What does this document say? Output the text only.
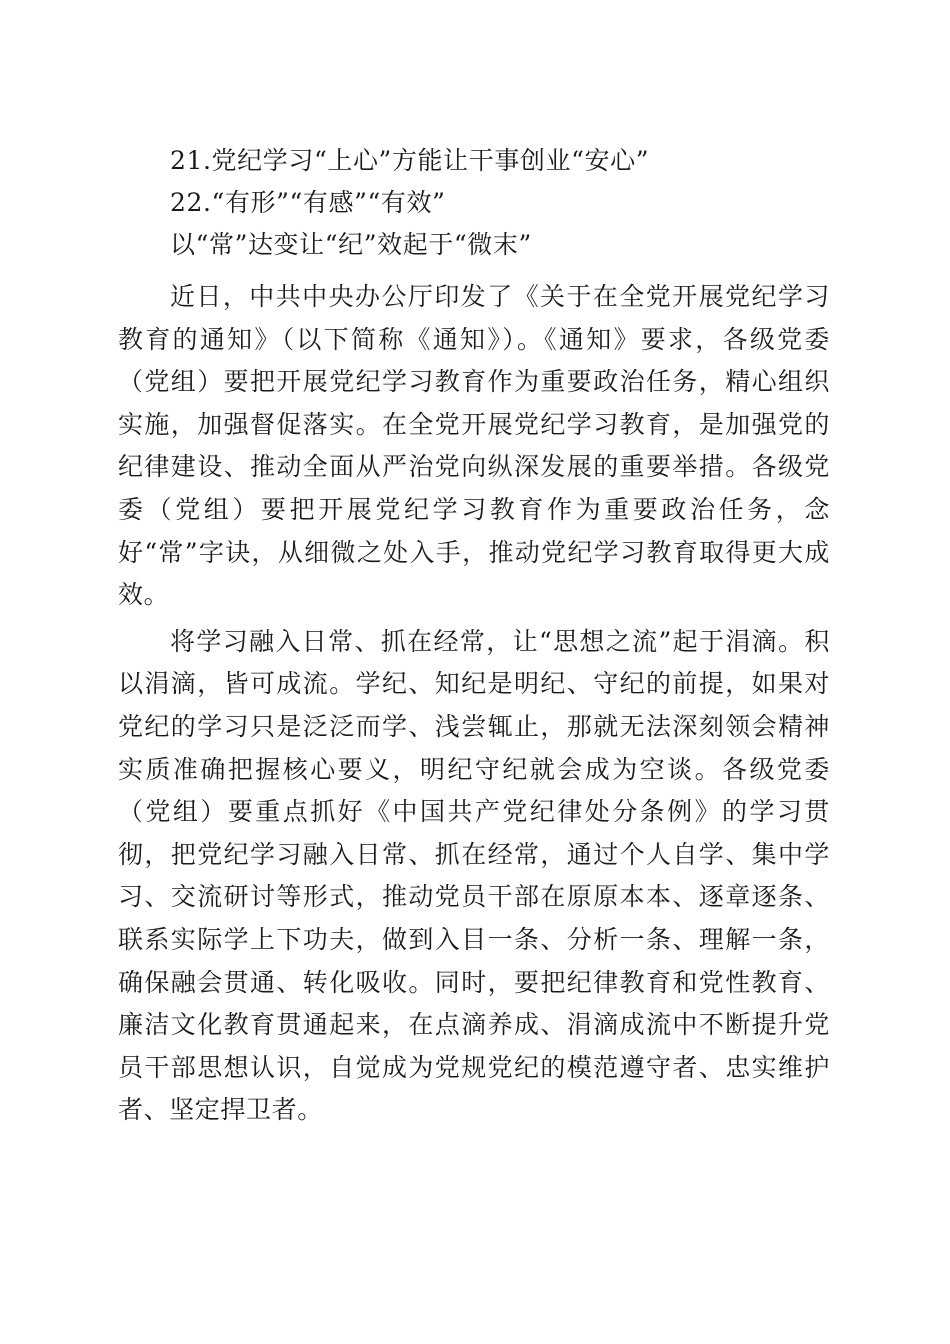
21.党纪学习“上心”方能让干事创业“安心”
22.“有形”“有感”“有效”
以“常”达变让“纪”效起于“微末”

近日，中共中央办公厅印发了《关于在全党开展党纪学习教育的通知》（以下简称《通知》）。《通知》要求，各级党委（党组）要把开展党纪学习教育作为重要政治任务，精心组织实施，加强督促落实。在全党开展党纪学习教育，是加强党的纪律建设、推动全面从严治党向纵深发展的重要举措。各级党委（党组）要把开展党纪学习教育作为重要政治任务，念好“常”字诀，从细微之处入手，推动党纪学习教育取得更大成效。

将学习融入日常、抓在经常，让“思想之流”起于涓滴。积以涓滴，皆可成流。学纪、知纪是明纪、守纪的前提，如果对党纪的学习只是泛泛而学、浅尝辄止，那就无法深刻领会精神实质准确把握核心要义，明纪守纪就会成为空谈。各级党委（党组）要重点抓好《中国共产党纪律处分条例》的学习贯彻，把党纪学习融入日常、抓在经常，通过个人自学、集中学习、交流研讨等形式，推动党员干部在原原本本、逐章逐条、联系实际学上下功夫，做到入目一条、分析一条、理解一条，确保融会贯通、转化吸收。同时，要把纪律教育和党性教育、廉洁文化教育贯通起来，在点滴养成、涓滴成流中不断提升党员干部思想认识，自觉成为党规党纪的模范遵守者、忠实维护者、坚定捍卫者。
